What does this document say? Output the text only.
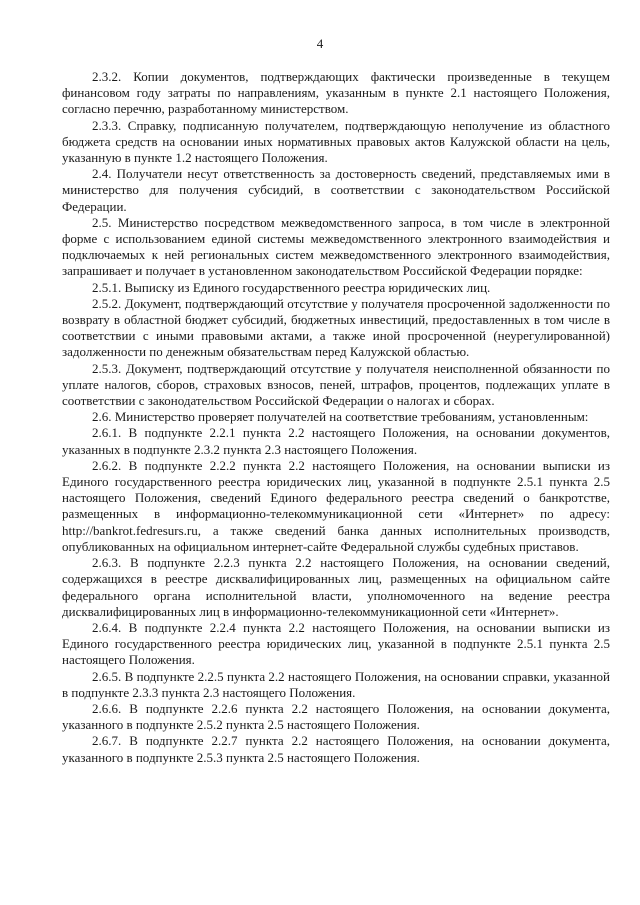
4

2.3.2. Копии документов, подтверждающих фактически произведенные в текущем финансовом году затраты по направлениям, указанным в пункте 2.1 настоящего Положения, согласно перечню, разработанному министерством.

2.3.3. Справку, подписанную получателем, подтверждающую неполучение из областного бюджета средств на основании иных нормативных правовых актов Калужской области на цель, указанную в пункте 1.2 настоящего Положения.

2.4. Получатели несут ответственность за достоверность сведений, представляемых ими в министерство для получения субсидий, в соответствии с законодательством Российской Федерации.

2.5. Министерство посредством межведомственного запроса, в том числе в электронной форме с использованием единой системы межведомственного электронного взаимодействия и подключаемых к ней региональных систем межведомственного электронного взаимодействия, запрашивает и получает в установленном законодательством Российской Федерации порядке:

2.5.1. Выписку из Единого государственного реестра юридических лиц.

2.5.2. Документ, подтверждающий отсутствие у получателя просроченной задолженности по возврату в областной бюджет субсидий, бюджетных инвестиций, предоставленных в том числе в соответствии с иными правовыми актами, а также иной просроченной (неурегулированной) задолженности по денежным обязательствам перед Калужской областью.

2.5.3. Документ, подтверждающий отсутствие у получателя неисполненной обязанности по уплате налогов, сборов, страховых взносов, пеней, штрафов, процентов, подлежащих уплате в соответствии с законодательством Российской Федерации о налогах и сборах.

2.6. Министерство проверяет получателей на соответствие требованиям, установленным:

2.6.1. В подпункте 2.2.1 пункта 2.2 настоящего Положения, на основании документов, указанных в подпункте 2.3.2 пункта 2.3 настоящего Положения.

2.6.2. В подпункте 2.2.2 пункта 2.2 настоящего Положения, на основании выписки из Единого государственного реестра юридических лиц, указанной в подпункте 2.5.1 пункта 2.5 настоящего Положения, сведений Единого федерального реестра сведений о банкротстве, размещенных в информационно-телекоммуникационной сети «Интернет» по адресу: http://bankrot.fedresurs.ru, а также сведений банка данных исполнительных производств, опубликованных на официальном интернет-сайте Федеральной службы судебных приставов.

2.6.3. В подпункте 2.2.3 пункта 2.2 настоящего Положения, на основании сведений, содержащихся в реестре дисквалифицированных лиц, размещенных на официальном сайте федерального органа исполнительной власти, уполномоченного на ведение реестра дисквалифицированных лиц в информационно-телекоммуникационной сети «Интернет».

2.6.4. В подпункте 2.2.4 пункта 2.2 настоящего Положения, на основании выписки из Единого государственного реестра юридических лиц, указанной в подпункте 2.5.1 пункта 2.5 настоящего Положения.

2.6.5. В подпункте 2.2.5 пункта 2.2 настоящего Положения, на основании справки, указанной в подпункте 2.3.3 пункта 2.3 настоящего Положения.

2.6.6. В подпункте 2.2.6 пункта 2.2 настоящего Положения, на основании документа, указанного в подпункте 2.5.2 пункта 2.5 настоящего Положения.

2.6.7. В подпункте 2.2.7 пункта 2.2 настоящего Положения, на основании документа, указанного в подпункте 2.5.3 пункта 2.5 настоящего Положения.
